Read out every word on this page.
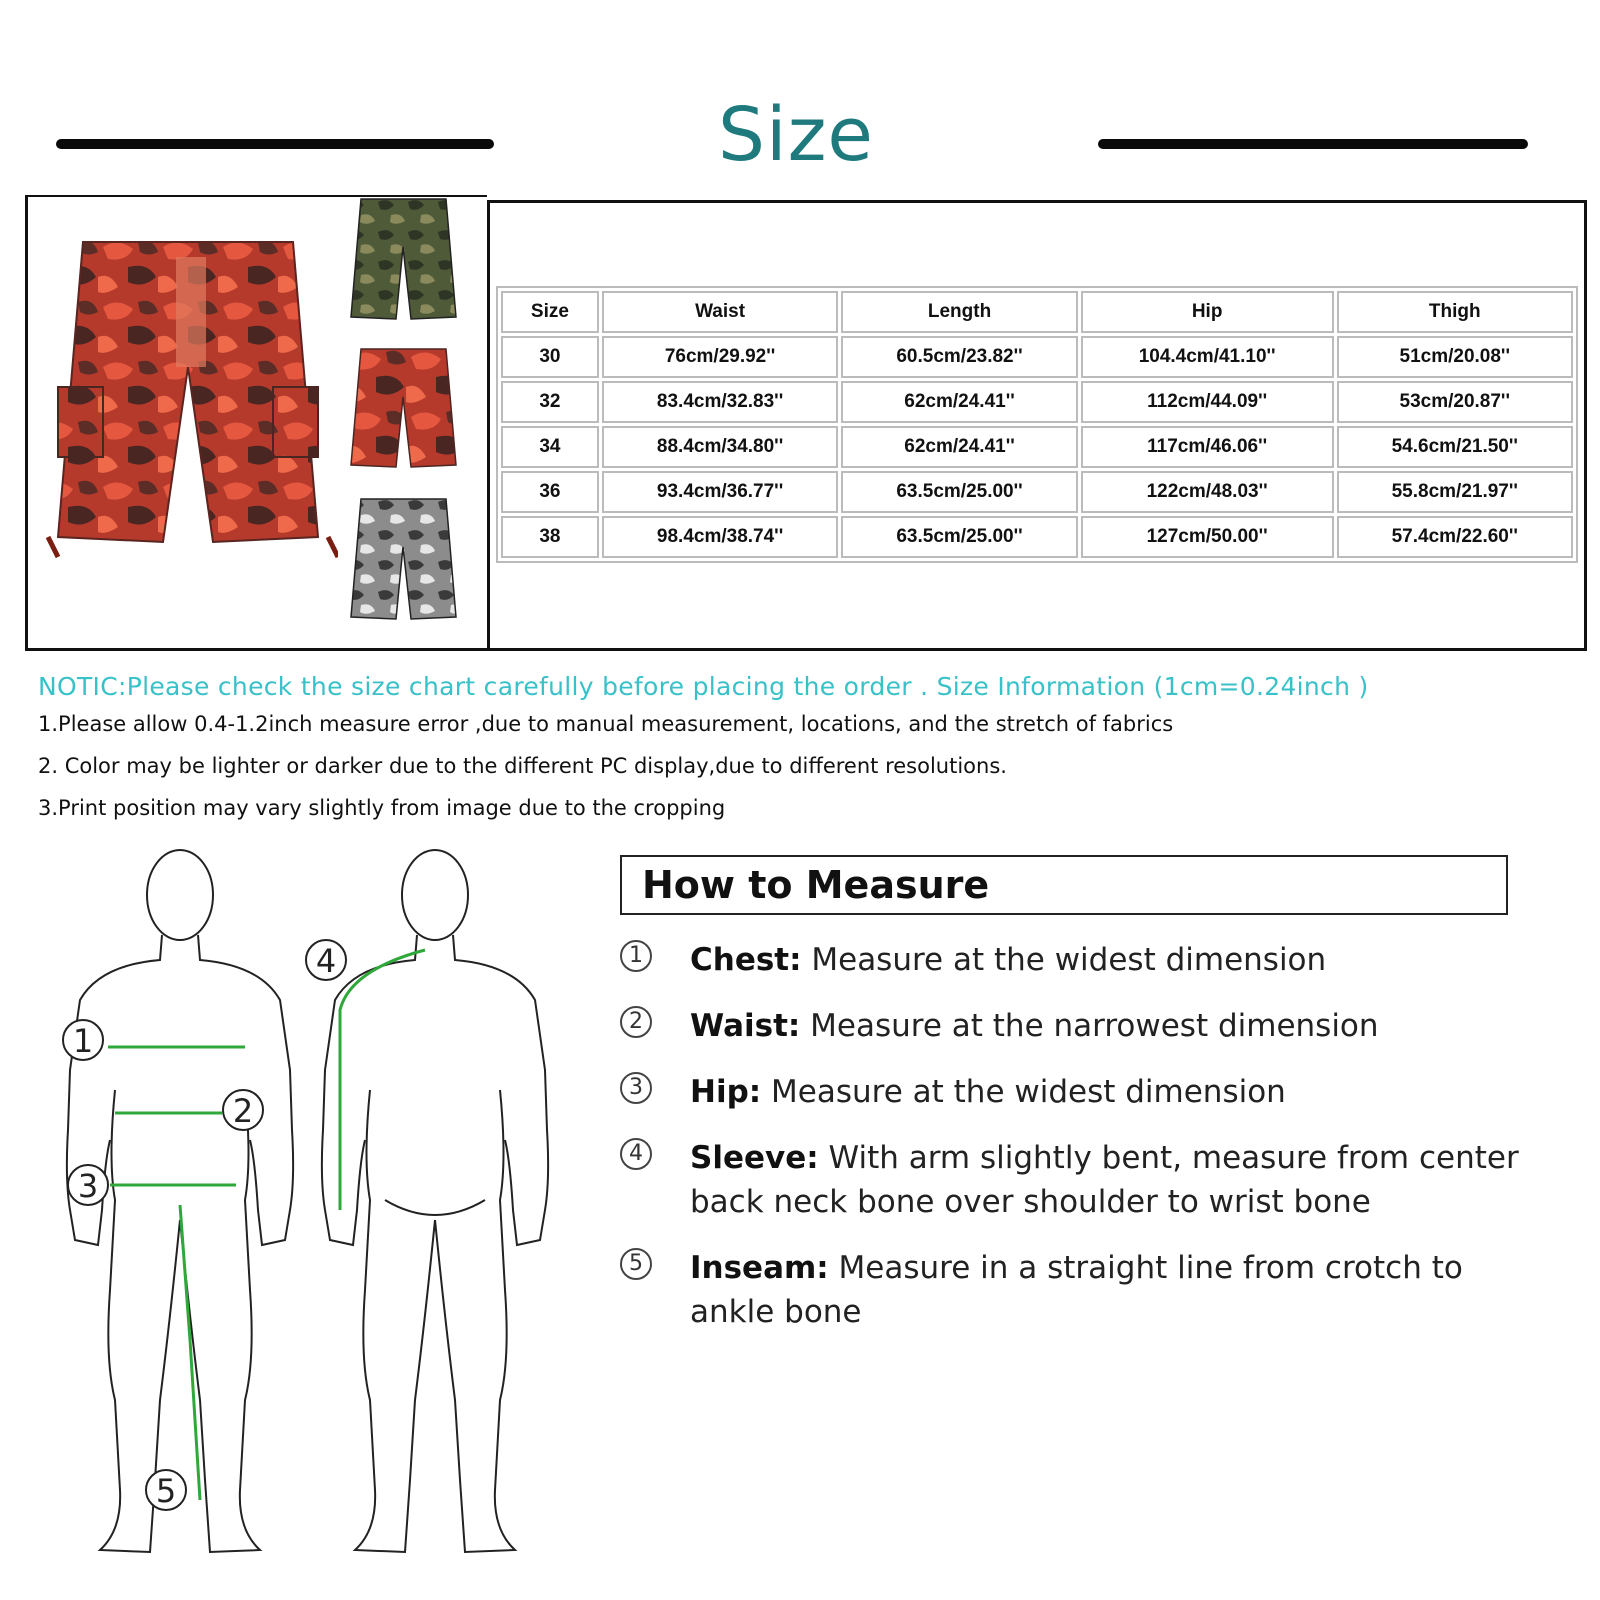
Size
Size	Waist	Length	Hip	Thigh
30	76cm/29.92''	60.5cm/23.82''	104.4cm/41.10''	51cm/20.08''
32	83.4cm/32.83''	62cm/24.41''	112cm/44.09''	53cm/20.87''
34	88.4cm/34.80''	62cm/24.41''	117cm/46.06''	54.6cm/21.50''
36	93.4cm/36.77''	63.5cm/25.00''	122cm/48.03''	55.8cm/21.97''
38	98.4cm/38.74''	63.5cm/25.00''	127cm/50.00''	57.4cm/22.60''
NOTIC:Please check the size chart carefully before placing the order . Size Information (1cm=0.24inch )
1.Please allow 0.4-1.2inch measure error ,due to manual measurement, locations, and the stretch of fabrics
2. Color may be lighter or darker due to the different PC display,due to different resolutions.
3.Print position may vary slightly from image due to the cropping
1
2
3
4
5
How to Measure
1 Chest: Measure at the widest dimension
2 Waist: Measure at the narrowest dimension
3 Hip: Measure at the widest dimension
4 Sleeve: With arm slightly bent, measure from center back neck bone over shoulder to wrist bone
5 Inseam: Measure in a straight line from crotch to ankle bone
